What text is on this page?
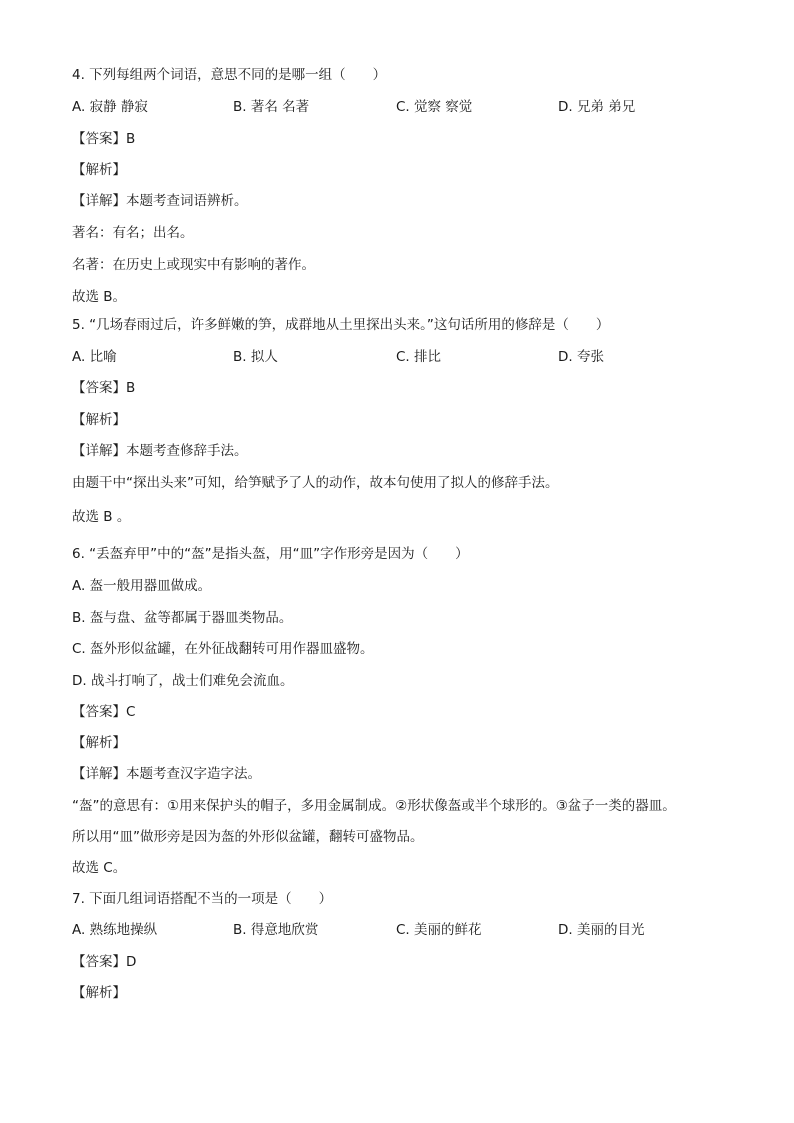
4. 下列每组两个词语，意思不同的是哪一组（　　）
A. 寂静 静寂	B. 著名 名著	C. 觉察 察觉	D. 兄弟 弟兄
【答案】B
【解析】
【详解】本题考查词语辨析。
著名：有名；出名。
名著：在历史上或现实中有影响的著作。
故选 B。
5. “几场春雨过后，许多鲜嫩的笋，成群地从土里探出头来。”这句话所用的修辞是（　　）
A. 比喻	B. 拟人	C. 排比	D. 夸张
【答案】B
【解析】
【详解】本题考查修辞手法。
由题干中“探出头来”可知，给笋赋予了人的动作，故本句使用了拟人的修辞手法。
故选 B 。
6. “丢盔弃甲”中的“盔”是指头盔，用“皿”字作形旁是因为（　　）
A. 盔一般用器皿做成。
B. 盔与盘、盆等都属于器皿类物品。
C. 盔外形似盆罐，在外征战翻转可用作器皿盛物。
D. 战斗打响了，战士们难免会流血。
【答案】C
【解析】
【详解】本题考查汉字造字法。
“盔”的意思有：①用来保护头的帽子，多用金属制成。②形状像盔或半个球形的。③盆子一类的器皿。
所以用“皿”做形旁是因为盔的外形似盆罐，翻转可盛物品。
故选 C。
7. 下面几组词语搭配不当的一项是（　　）
A. 熟练地操纵	B. 得意地欣赏	C. 美丽的鲜花	D. 美丽的目光
【答案】D
【解析】
